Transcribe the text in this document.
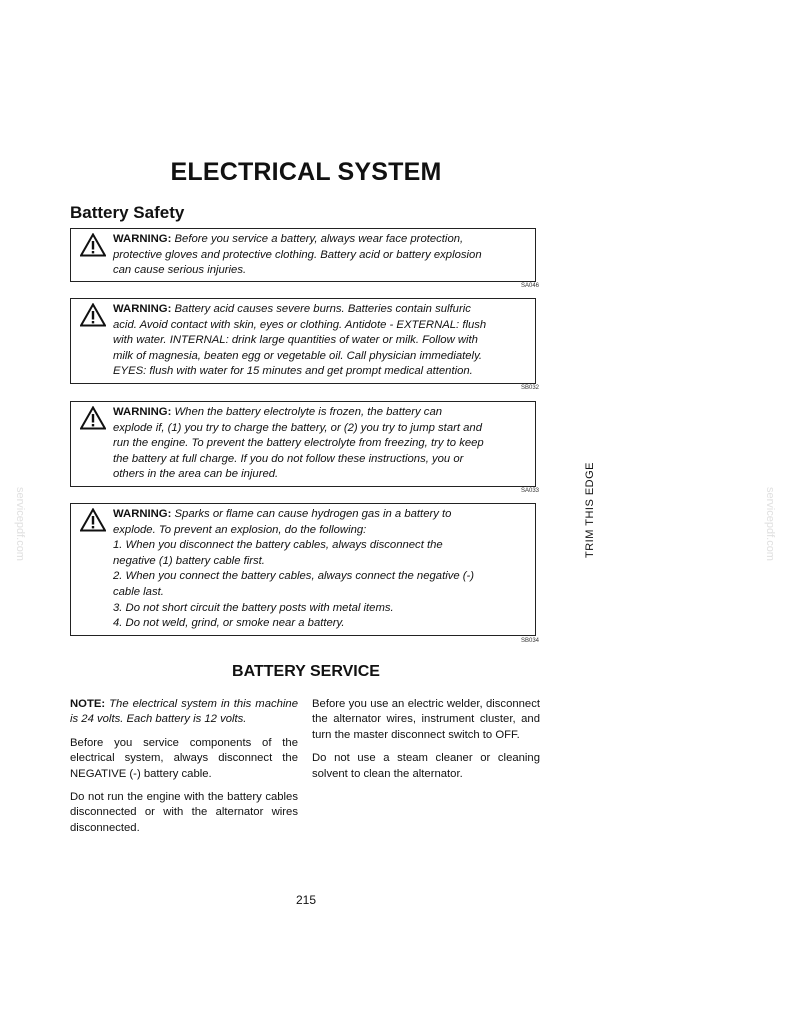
ELECTRICAL SYSTEM
Battery Safety
WARNING: Before you service a battery, always wear face protection,
protective gloves and protective clothing. Battery acid or battery explosion
can cause serious injuries.
SA046
WARNING: Battery acid causes severe burns. Batteries contain sulfuric
acid. Avoid contact with skin, eyes or clothing. Antidote - EXTERNAL: flush
with water. INTERNAL: drink large quantities of water or milk. Follow with
milk of magnesia, beaten egg or vegetable oil. Call physician immediately.
EYES: flush with water for 15 minutes and get prompt medical attention.
SB032
WARNING: When the battery electrolyte is frozen, the battery can
explode if, (1) you try to charge the battery, or (2) you try to jump start and
run the engine. To prevent the battery electrolyte from freezing, try to keep
the battery at full charge. If you do not follow these instructions, you or
others in the area can be injured.
SA033
WARNING: Sparks or flame can cause hydrogen gas in a battery to
explode. To prevent an explosion, do the following:
1. When you disconnect the battery cables, always disconnect the
negative (1) battery cable first.
2. When you connect the battery cables, always connect the negative (-)
cable last.
3. Do not short circuit the battery posts with metal items.
4. Do not weld, grind, or smoke near a battery.
SB034
BATTERY SERVICE

NOTE: The electrical system in this machine is 24 volts. Each battery is 12 volts.

Before you service components of the electrical system, always disconnect the NEGATIVE (-) battery cable.

Do not run the engine with the battery cables disconnected or with the alternator wires disconnected.

Before you use an electric welder, disconnect the alternator wires, instrument cluster, and turn the master disconnect switch to OFF.

Do not use a steam cleaner or cleaning solvent to clean the alternator.

215
TRIM THIS EDGE
servicepdf.com	servicepdf.com
